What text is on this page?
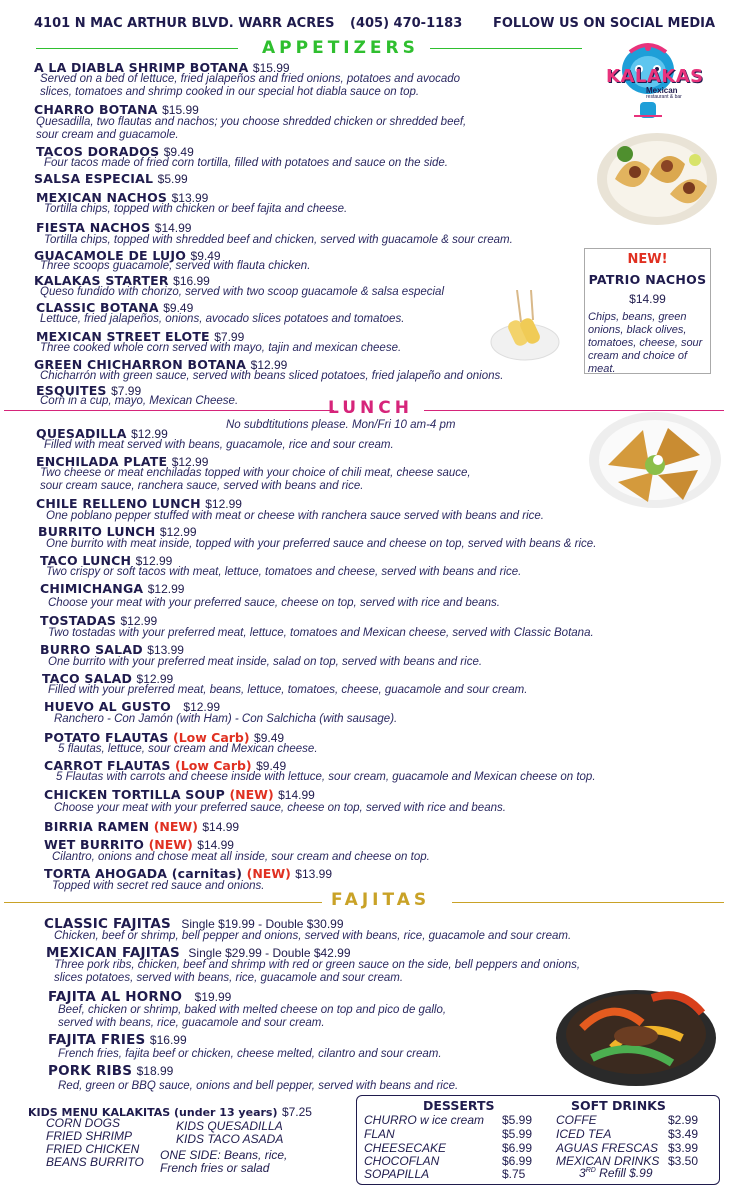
4101 N MAC ARTHUR BLVD. WARR ACRES (405) 470-1183 FOLLOW US ON SOCIAL MEDIA
APPETIZERS
KALAKAS
Mexican
restaurant & bar
A LA DIABLA SHRIMP BOTANA $15.99
Served on a bed of lettuce, fried jalapeños and fried onions, potatoes and avocado
slices, tomatoes and shrimp cooked in our special hot diabla sauce on top.
CHARRO BOTANA $15.99
Quesadilla, two flautas and nachos; you choose shredded chicken or shredded beef,
sour cream and guacamole.
TACOS DORADOS $9.49
Four tacos made of fried corn tortilla, filled with potatoes and sauce on the side.
SALSA ESPECIAL $5.99
MEXICAN NACHOS $13.99
Tortilla chips, topped with chicken or beef fajita and cheese.
FIESTA NACHOS $14.99
Tortilla chips, topped with shredded beef and chicken, served with guacamole & sour cream.
GUACAMOLE DE LUJO $9.49
Three scoops guacamole, served with flauta chicken.
KALAKAS STARTER $16.99
Queso fundido with chorizo, served with two scoop guacamole & salsa especial
CLASSIC BOTANA $9.49
Lettuce, fried jalapeños, onions, avocado slices potatoes and tomatoes.
MEXICAN STREET ELOTE $7.99
Three cooked whole corn served with mayo, tajin and mexican cheese.
GREEN CHICHARRON BOTANA $12.99
Chicharrón with green sauce, served with beans sliced potatoes, fried jalapeño and onions.
ESQUITES $7.99
Corn in a cup, mayo, Mexican Cheese.
NEW!
PATRIO NACHOS
$14.99
Chips, beans, green onions, black olives, tomatoes, cheese, sour cream and choice of meat.
LUNCH
No subdtitutions please. Mon/Fri 10 am-4 pm
QUESADILLA $12.99
Filled with meat served with beans, guacamole, rice and sour cream.
ENCHILADA PLATE $12.99
Two cheese or meat enchiladas topped with your choice of chili meat, cheese sauce,
sour cream sauce, ranchera sauce, served with beans and rice.
CHILE RELLENO LUNCH $12.99
One poblano pepper stuffed with meat or cheese with ranchera sauce served with beans and rice.
BURRITO LUNCH $12.99
One burrito with meat inside, topped with your preferred sauce and cheese on top, served with beans & rice.
TACO LUNCH $12.99
Two crispy or soft tacos with meat, lettuce, tomatoes and cheese, served with beans and rice.
CHIMICHANGA $12.99
Choose your meat with your preferred sauce, cheese on top, served with rice and beans.
TOSTADAS $12.99
Two tostadas with your preferred meat, lettuce, tomatoes and Mexican cheese, served with Classic Botana.
BURRO SALAD $13.99
One burrito with your preferred meat inside, salad on top, served with beans and rice.
TACO SALAD $12.99
Filled with your preferred meat, beans, lettuce, tomatoes, cheese, guacamole and sour cream.
HUEVO AL GUSTO $12.99
Ranchero - Con Jamón (with Ham) - Con Salchicha (with sausage).
POTATO FLAUTAS (Low Carb) $9.49
5 flautas, lettuce, sour cream and Mexican cheese.
CARROT FLAUTAS (Low Carb) $9.49
5 Flautas with carrots and cheese inside with lettuce, sour cream, guacamole and Mexican cheese on top.
CHICKEN TORTILLA SOUP (NEW) $14.99
Choose your meat with your preferred sauce, cheese on top, served with rice and beans.
BIRRIA RAMEN (NEW) $14.99
WET BURRITO (NEW) $14.99
Cilantro, onions and chose meat all inside, sour cream and cheese on top.
TORTA AHOGADA (carnitas) (NEW) $13.99
Topped with secret red sauce and onions.
FAJITAS
CLASSIC FAJITAS Single $19.99 - Double $30.99
Chicken, beef or shrimp, bell pepper and onions, served with beans, rice, guacamole and sour cream.
MEXICAN FAJITAS Single $29.99 - Double $42.99
Three pork ribs, chicken, beef and shrimp with red or green sauce on the side, bell peppers and onions,
slices potatoes, served with beans, rice, guacamole and sour cream.
FAJITA AL HORNO $19.99
Beef, chicken or shrimp, baked with melted cheese on top and pico de gallo,
served with beans, rice, guacamole and sour cream.
FAJITA FRIES $16.99
French fries, fajita beef or chicken, cheese melted, cilantro and sour cream.
PORK RIBS $18.99
Red, green or BBQ sauce, onions and bell pepper, served with beans and rice.
KIDS MENU KALAKITAS (under 13 years) $7.25
CORN DOGS
FRIED SHRIMP
FRIED CHICKEN
BEANS BURRITO
KIDS QUESADILLA
KIDS TACO ASADA
ONE SIDE: Beans, rice,
French fries or salad
DESSERTS	SOFT DRINKS
CHURRO w ice cream $5.99
FLAN	$5.99
CHEESECAKE	$6.99
CHOCOFLAN	$6.99
SOPAPILLA	$.75
COFFE	$2.99
ICED TEA	$3.49
AGUAS FRESCAS $3.99
MEXICAN DRINKS $3.50
3RD Refill $.99
